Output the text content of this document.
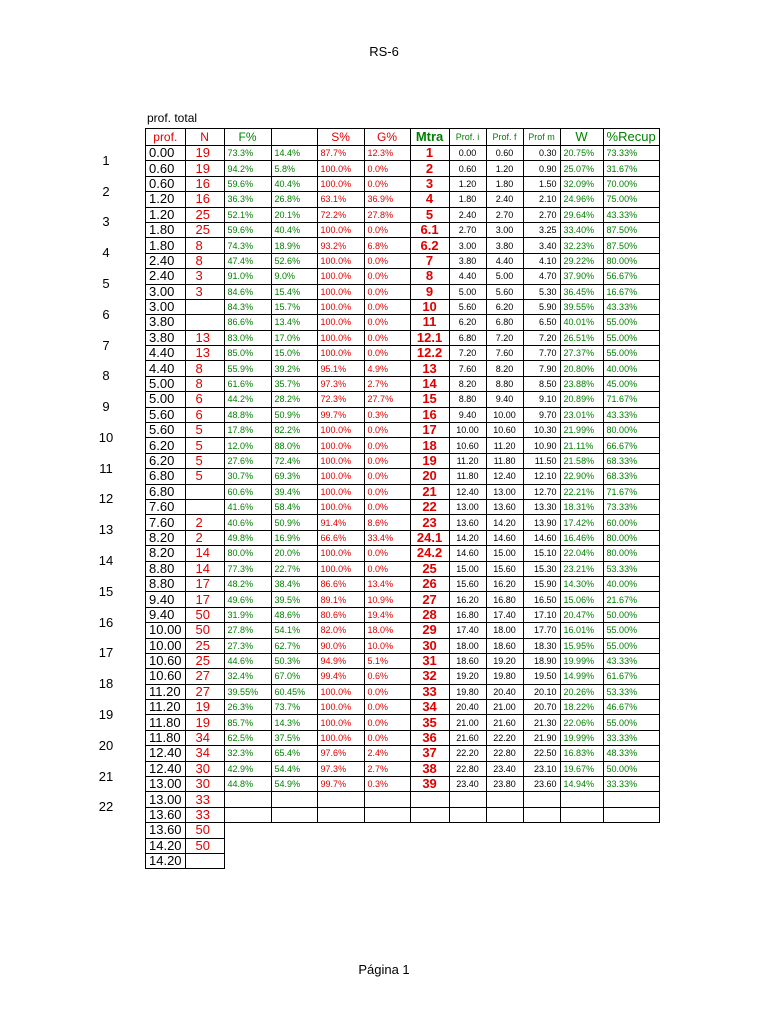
RS-6
prof. total
1
2
3
4
5
6
7
8
9
10
11
12
13
14
15
16
17
18
19
20
21
22
prof.	N	F%		S%	G%	Mtra	Prof. i	Prof. f	Prof m	W	%Recup
0.00	19	73.3%	14.4%	87.7%	12.3%	1	0.00	0.60	0.30	20.75%	73.33%
0.60	19	94.2%	5.8%	100.0%	0.0%	2	0.60	1.20	0.90	25.07%	31.67%
0.60	16	59.6%	40.4%	100.0%	0.0%	3	1.20	1.80	1.50	32.09%	70.00%
1.20	16	36.3%	26.8%	63.1%	36.9%	4	1.80	2.40	2.10	24.96%	75.00%
1.20	25	52.1%	20.1%	72.2%	27.8%	5	2.40	2.70	2.70	29.64%	43.33%
1.80	25	59.6%	40.4%	100.0%	0.0%	6.1	2.70	3.00	3.25	33.40%	87.50%
1.80	8	74.3%	18.9%	93.2%	6.8%	6.2	3.00	3.80	3.40	32.23%	87.50%
2.40	8	47.4%	52.6%	100.0%	0.0%	7	3.80	4.40	4.10	29.22%	80.00%
2.40	3	91.0%	9.0%	100.0%	0.0%	8	4.40	5.00	4.70	37.90%	56.67%
3.00	3	84.6%	15.4%	100.0%	0.0%	9	5.00	5.60	5.30	36.45%	16.67%
3.00		84.3%	15.7%	100.0%	0.0%	10	5.60	6.20	5.90	39.55%	43.33%
3.80		86.6%	13.4%	100.0%	0.0%	11	6.20	6.80	6.50	40.01%	55.00%
3.80	13	83.0%	17.0%	100.0%	0.0%	12.1	6.80	7.20	7.20	26.51%	55.00%
4.40	13	85.0%	15.0%	100.0%	0.0%	12.2	7.20	7.60	7.70	27.37%	55.00%
4.40	8	55.9%	39.2%	95.1%	4.9%	13	7.60	8.20	7.90	20.80%	40.00%
5.00	8	61.6%	35.7%	97.3%	2.7%	14	8.20	8.80	8.50	23.88%	45.00%
5.00	6	44.2%	28.2%	72.3%	27.7%	15	8.80	9.40	9.10	20.89%	71.67%
5.60	6	48.8%	50.9%	99.7%	0.3%	16	9.40	10.00	9.70	23.01%	43.33%
5.60	5	17.8%	82.2%	100.0%	0.0%	17	10.00	10.60	10.30	21.99%	80.00%
6.20	5	12.0%	88.0%	100.0%	0.0%	18	10.60	11.20	10.90	21.11%	66.67%
6.20	5	27.6%	72.4%	100.0%	0.0%	19	11.20	11.80	11.50	21.58%	68.33%
6.80	5	30.7%	69.3%	100.0%	0.0%	20	11.80	12.40	12.10	22.90%	68.33%
6.80		60.6%	39.4%	100.0%	0.0%	21	12.40	13.00	12.70	22.21%	71.67%
7.60		41.6%	58.4%	100.0%	0.0%	22	13.00	13.60	13.30	18.31%	73.33%
7.60	2	40.6%	50.9%	91.4%	8.6%	23	13.60	14.20	13.90	17.42%	60.00%
8.20	2	49.8%	16.9%	66.6%	33.4%	24.1	14.20	14.60	14.60	16.46%	80.00%
8.20	14	80.0%	20.0%	100.0%	0.0%	24.2	14.60	15.00	15.10	22.04%	80.00%
8.80	14	77.3%	22.7%	100.0%	0.0%	25	15.00	15.60	15.30	23.21%	53.33%
8.80	17	48.2%	38.4%	86.6%	13.4%	26	15.60	16.20	15.90	14.30%	40.00%
9.40	17	49.6%	39.5%	89.1%	10.9%	27	16.20	16.80	16.50	15.06%	21.67%
9.40	50	31.9%	48.6%	80.6%	19.4%	28	16.80	17.40	17.10	20.47%	50.00%
10.00	50	27.8%	54.1%	82.0%	18.0%	29	17.40	18.00	17.70	16.01%	55.00%
10.00	25	27.3%	62.7%	90.0%	10.0%	30	18.00	18.60	18.30	15.95%	55.00%
10.60	25	44.6%	50.3%	94.9%	5.1%	31	18.60	19.20	18.90	19.99%	43.33%
10.60	27	32.4%	67.0%	99.4%	0.6%	32	19.20	19.80	19.50	14.99%	61.67%
11.20	27	39.55%	60.45%	100.0%	0.0%	33	19.80	20.40	20.10	20.26%	53.33%
11.20	19	26.3%	73.7%	100.0%	0.0%	34	20.40	21.00	20.70	18.22%	46.67%
11.80	19	85.7%	14.3%	100.0%	0.0%	35	21.00	21.60	21.30	22.06%	55.00%
11.80	34	62.5%	37.5%	100.0%	0.0%	36	21.60	22.20	21.90	19.99%	33.33%
12.40	34	32.3%	65.4%	97.6%	2.4%	37	22.20	22.80	22.50	16.83%	48.33%
12.40	30	42.9%	54.4%	97.3%	2.7%	38	22.80	23.40	23.10	19.67%	50.00%
13.00	30	44.8%	54.9%	99.7%	0.3%	39	23.40	23.80	23.60	14.94%	33.33%
13.00	33										
13.60	33										
13.60	50										
14.20	50										
14.20											
Página 1
